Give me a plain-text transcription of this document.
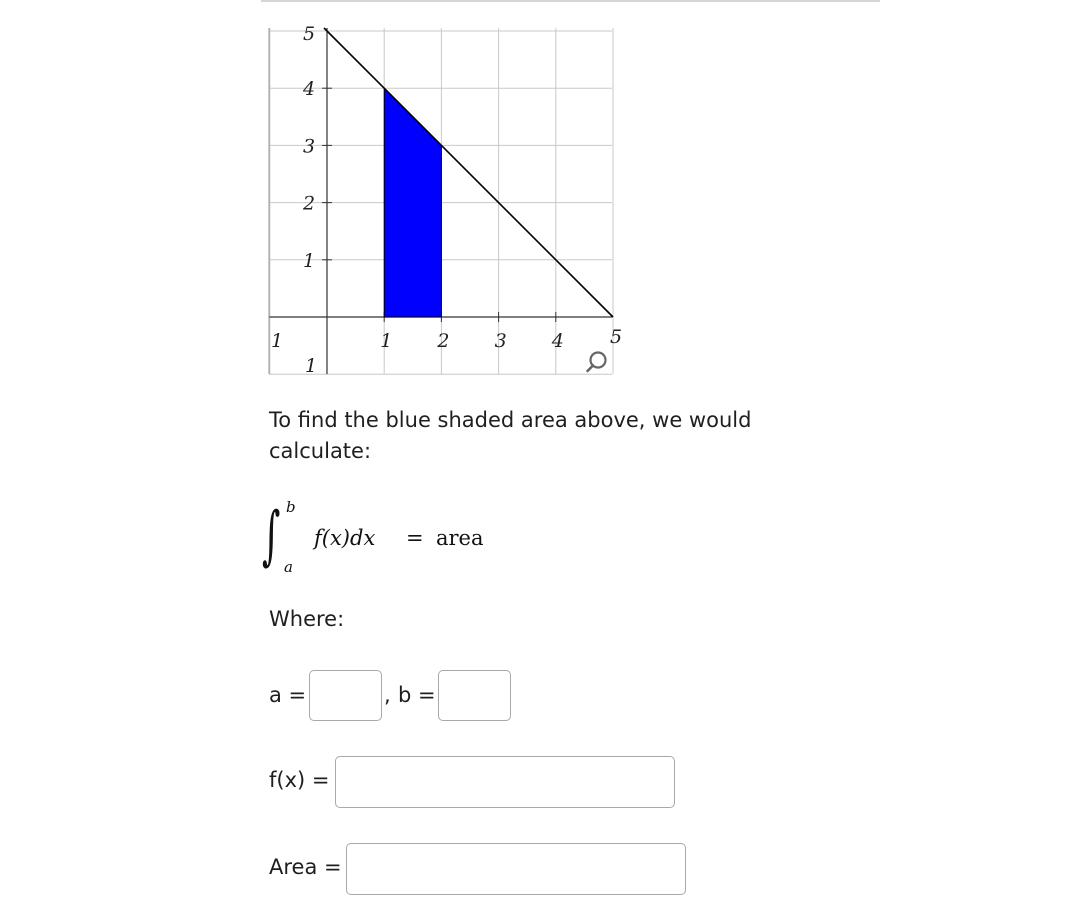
1	1 2 3 4 5
5
4
3
2
1
1
To find the blue shaded area above, we would
calculate:
∫ b
a
f(x)dx = area
Where:
a =	, b =
f(x) =
Area =
